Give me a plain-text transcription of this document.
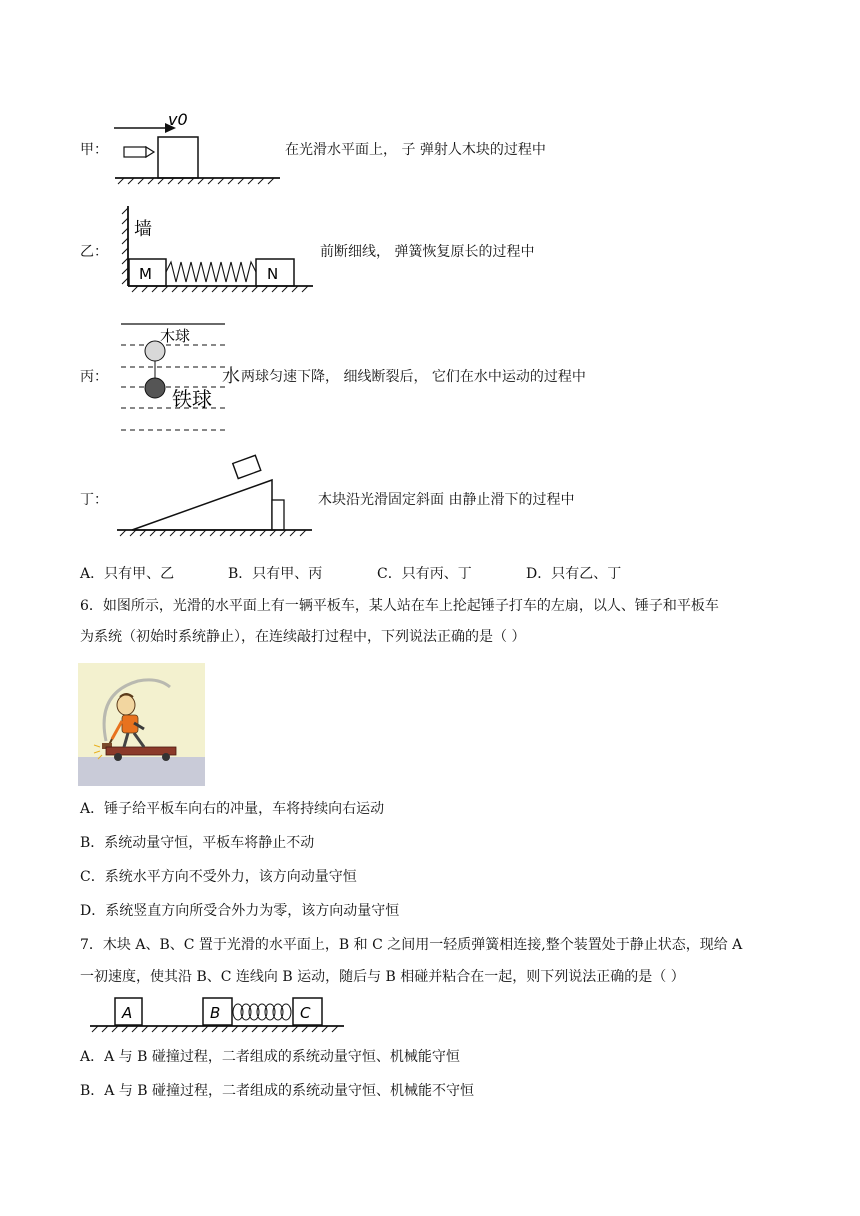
甲：
v0
在光滑水平面上， 子 弹射人木块的过程中
乙：
墙
M	N
前断细线， 弹簧恢复原长的过程中
丙：
木球
铁球
水 两球匀速下降， 细线断裂后， 它们在水中运动的过程中
丁：	木块沿光滑固定斜面 由静止滑下的过程中
A．只有甲、乙	B．只有甲、丙	C．只有丙、丁	D．只有乙、丁
6．如图所示，光滑的水平面上有一辆平板车，某人站在车上抡起锤子打车的左扇，以人、锤子和平板车
为系统（初始时系统静止），在连续敲打过程中，下列说法正确的是（ ）
A．锤子给平板车向右的冲量，车将持续向右运动
B．系统动量守恒，平板车将静止不动
C．系统水平方向不受外力，该方向动量守恒
D．系统竖直方向所受合外力为零，该方向动量守恒
7．木块 A、B、C 置于光滑的水平面上，B 和 C 之间用一轻质弹簧相连接,整个装置处于静止状态，现给 A
一初速度，使其沿 B、C 连线向 B 运动，随后与 B 相碰并粘合在一起，则下列说法正确的是（ ）
A	B	C
A．A 与 B 碰撞过程，二者组成的系统动量守恒、机械能守恒
B．A 与 B 碰撞过程，二者组成的系统动量守恒、机械能不守恒
